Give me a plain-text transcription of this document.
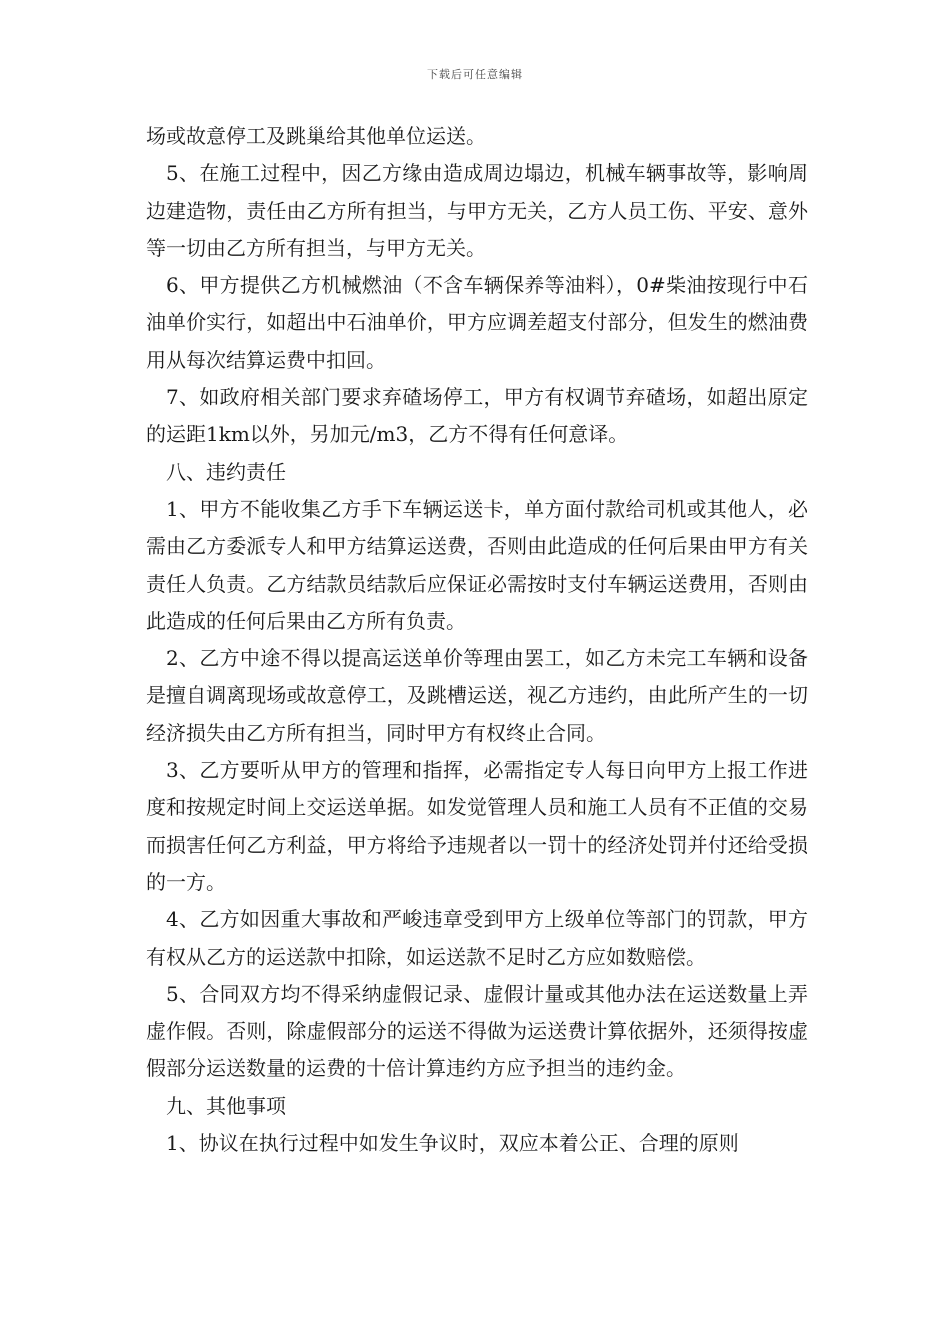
下载后可任意编辑

场或故意停工及跳巢给其他单位运送。

5、在施工过程中，因乙方缘由造成周边塌边，机械车辆事故等，影响周边建造物，责任由乙方所有担当，与甲方无关，乙方人员工伤、平安、意外等一切由乙方所有担当，与甲方无关。

6、甲方提供乙方机械燃油（不含车辆保养等油料），0#柴油按现行中石油单价实行，如超出中石油单价，甲方应调差超支付部分，但发生的燃油费用从每次结算运费中扣回。

7、如政府相关部门要求弃碴场停工，甲方有权调节弃碴场，如超出原定的运距1km以外，另加元/m3，乙方不得有任何意译。

八、违约责任

1、甲方不能收集乙方手下车辆运送卡，单方面付款给司机或其他人，必需由乙方委派专人和甲方结算运送费，否则由此造成的任何后果由甲方有关责任人负责。乙方结款员结款后应保证必需按时支付车辆运送费用，否则由此造成的任何后果由乙方所有负责。

2、乙方中途不得以提高运送单价等理由罢工，如乙方未完工车辆和设备是擅自调离现场或故意停工，及跳槽运送，视乙方违约，由此所产生的一切经济损失由乙方所有担当，同时甲方有权终止合同。

3、乙方要听从甲方的管理和指挥，必需指定专人每日向甲方上报工作进度和按规定时间上交运送单据。如发觉管理人员和施工人员有不正值的交易而损害任何乙方利益，甲方将给予违规者以一罚十的经济处罚并付还给受损的一方。

4、乙方如因重大事故和严峻违章受到甲方上级单位等部门的罚款，甲方有权从乙方的运送款中扣除，如运送款不足时乙方应如数赔偿。

5、合同双方均不得采纳虚假记录、虚假计量或其他办法在运送数量上弄虚作假。否则，除虚假部分的运送不得做为运送费计算依据外，还须得按虚假部分运送数量的运费的十倍计算违约方应予担当的违约金。

九、其他事项

1、协议在执行过程中如发生争议时，双应本着公正、合理的原则
